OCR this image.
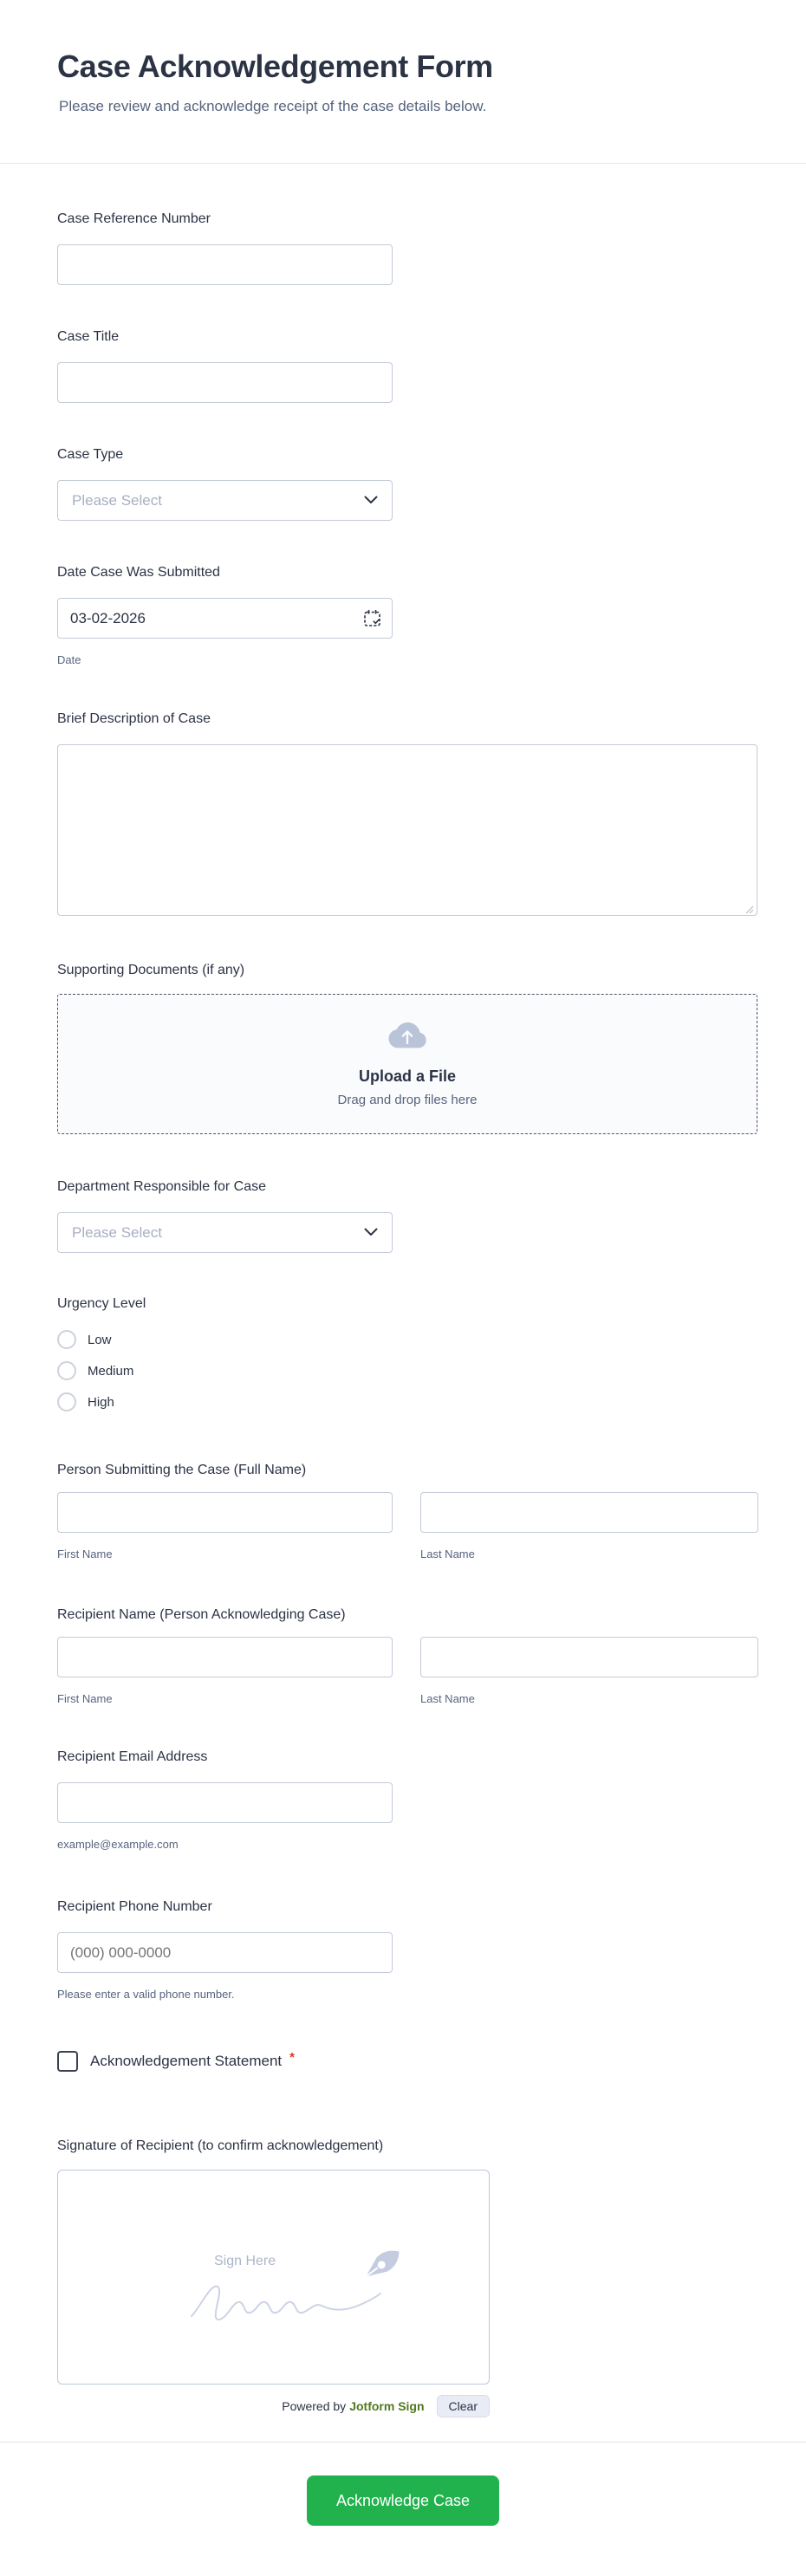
Case Acknowledgement Form

Please review and acknowledge receipt of the case details below.

Case Reference Number
Case Title
Case Type
Please Select
Date Case Was Submitted
03-02-2026
Date
Brief Description of Case
Supporting Documents (if any)
Upload a File
Drag and drop files here
Department Responsible for Case
Please Select
Urgency Level
Low
Medium
High
Person Submitting the Case (Full Name)
First Name	Last Name
Recipient Name (Person Acknowledging Case)
First Name	Last Name
Recipient Email Address
example@example.com
Recipient Phone Number
(000) 000-0000
Please enter a valid phone number.
Acknowledgement Statement *
Signature of Recipient (to confirm acknowledgement)
Sign Here
Powered by Jotform Sign	Clear
Acknowledge Case
